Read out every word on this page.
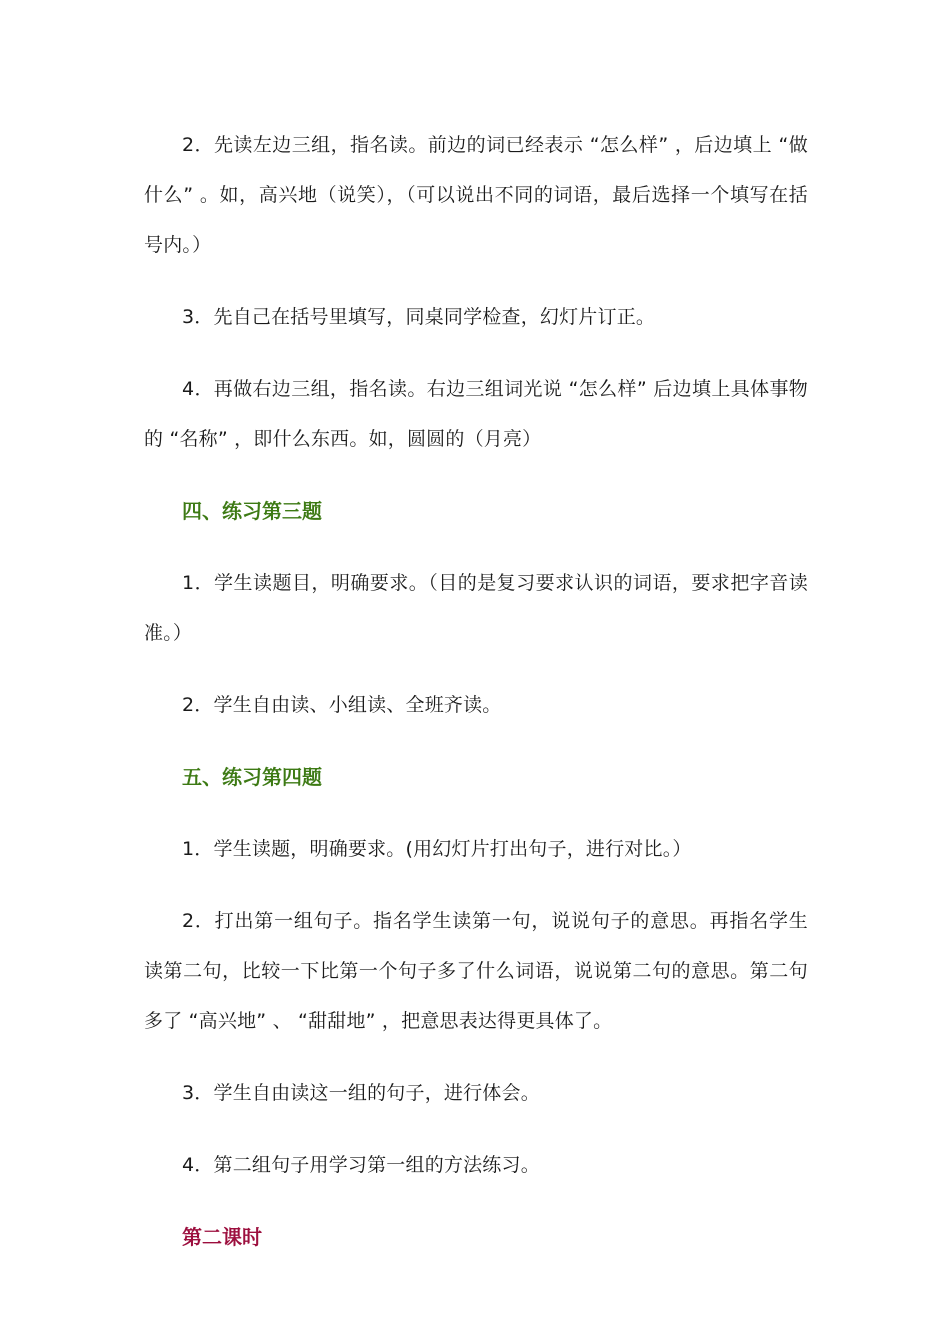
2．先读左边三组，指名读。前边的词已经表示 “怎么样” ，后边填上 “做什么” 。如，高兴地（说笑），（可以说出不同的词语，最后选择一个填写在括号内。）

3．先自己在括号里填写，同桌同学检查，幻灯片订正。

4．再做右边三组，指名读。右边三组词光说 “怎么样” 后边填上具体事物的 “名称” ，即什么东西。如，圆圆的（月亮）

四、练习第三题

1．学生读题目，明确要求。（目的是复习要求认识的词语，要求把字音读准。）

2．学生自由读、小组读、全班齐读。

五、练习第四题

1．学生读题，明确要求。(用幻灯片打出句子，进行对比。）

2．打出第一组句子。指名学生读第一句，说说句子的意思。再指名学生读第二句，比较一下比第一个句子多了什么词语，说说第二句的意思。第二句多了 “高兴地” 、 “甜甜地” ，把意思表达得更具体了。

3．学生自由读这一组的句子，进行体会。

4．第二组句子用学习第一组的方法练习。

第二课时
